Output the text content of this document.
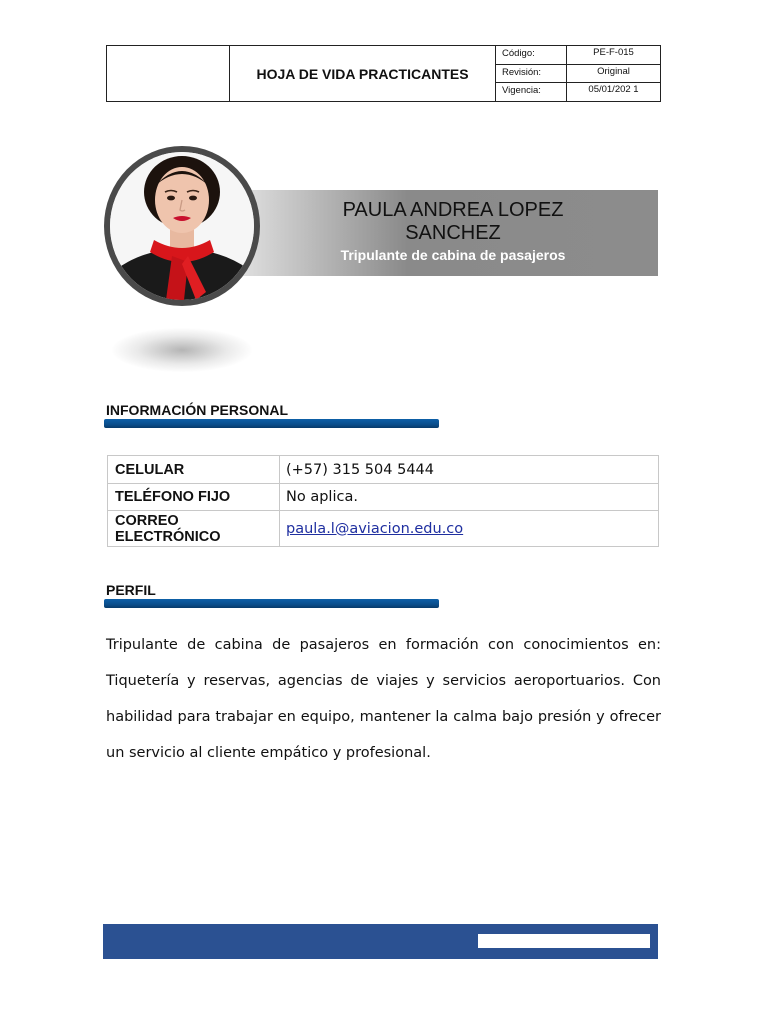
HOJA DE VIDA PRACTICANTES
Código:	PE-F-015
Revisión:	Original
Vigencia:	05/01/202 1
PAULA ANDREA LOPEZ SANCHEZ
Tripulante de cabina de pasajeros
INFORMACIÓN PERSONAL
CELULAR	(+57) 315 504 5444
TELÉFONO FIJO	No aplica.
CORREO ELECTRÓNICO	paula.l@aviacion.edu.co
PERFIL
Tripulante de cabina de pasajeros en formación con conocimientos en: Tiquetería y reservas, agencias de viajes y servicios aeroportuarios. Con habilidad para trabajar en equipo, mantener la calma bajo presión y ofrecer un servicio al cliente empático y profesional.
